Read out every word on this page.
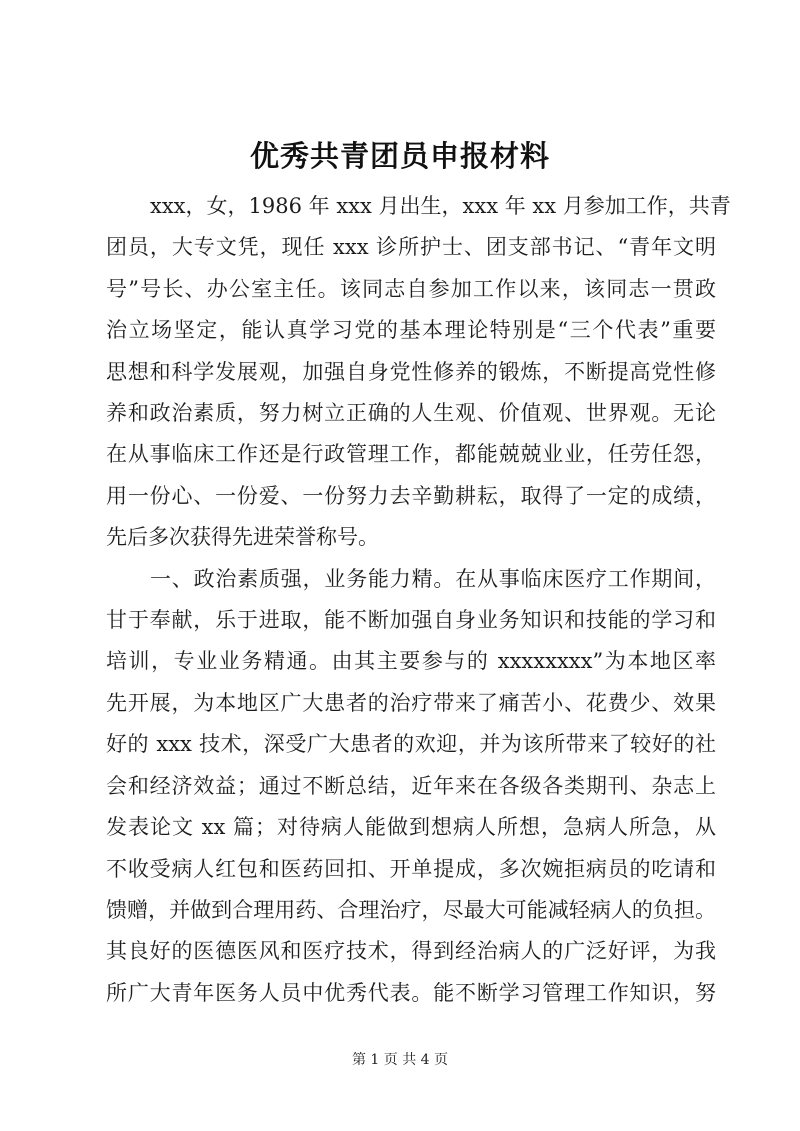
优秀共青团员申报材料

xxx，女，1986 年 xxx 月出生，xxx 年 xx 月参加工作，共青
团员，大专文凭，现任 xxx 诊所护士、团支部书记、“青年文明
号”号长、办公室主任。该同志自参加工作以来，该同志一贯政
治立场坚定，能认真学习党的基本理论特别是“三个代表”重要
思想和科学发展观，加强自身党性修养的锻炼，不断提高党性修
养和政治素质，努力树立正确的人生观、价值观、世界观。无论
在从事临床工作还是行政管理工作，都能兢兢业业，任劳任怨，
用一份心、一份爱、一份努力去辛勤耕耘，取得了一定的成绩，
先后多次获得先进荣誉称号。

一、政治素质强，业务能力精。在从事临床医疗工作期间，
甘于奉献，乐于进取，能不断加强自身业务知识和技能的学习和
培训，专业业务精通。由其主要参与的 xxxxxxxx”为本地区率
先开展，为本地区广大患者的治疗带来了痛苦小、花费少、效果
好的 xxx 技术，深受广大患者的欢迎，并为该所带来了较好的社
会和经济效益；通过不断总结，近年来在各级各类期刊、杂志上
发表论文 xx 篇；对待病人能做到想病人所想，急病人所急，从
不收受病人红包和医药回扣、开单提成，多次婉拒病员的吃请和
馈赠，并做到合理用药、合理治疗，尽最大可能减轻病人的负担。
其良好的医德医风和医疗技术，得到经治病人的广泛好评，为我
所广大青年医务人员中优秀代表。能不断学习管理工作知识，努

第 1 页 共 4 页
